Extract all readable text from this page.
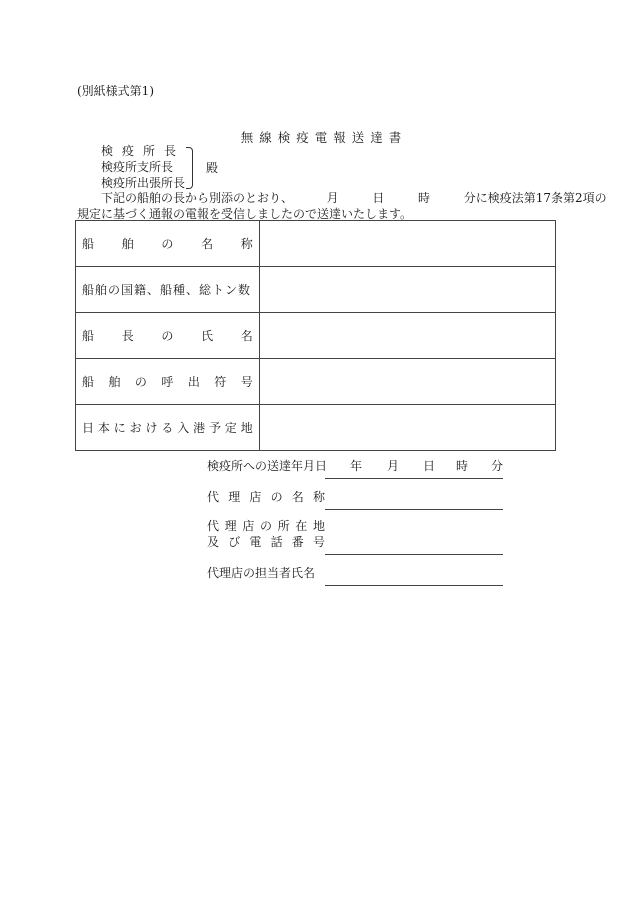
(別紙様式第1)
無線検疫電報送達書
検疫所長
検疫所支所長
検疫所出張所長
殿
下記の船舶の長から別添のとおり、	月	日	時	分に検疫法第17条第2項の
規定に基づく通報の電報を受信しましたので送達いたします。
船 舶 の 名 称	

船舶の国籍、船種、総トン数	

船 長 の 氏 名	

船 舶 の 呼 出 符 号

日 本 に お け る 入 港 予 定 地

検疫所への送達年月日 年 月 日 時 分
代 理 店 の 名 称
代 理 店 の 所 在 地
及 び 電 話 番 号
代理店の担当者氏名
